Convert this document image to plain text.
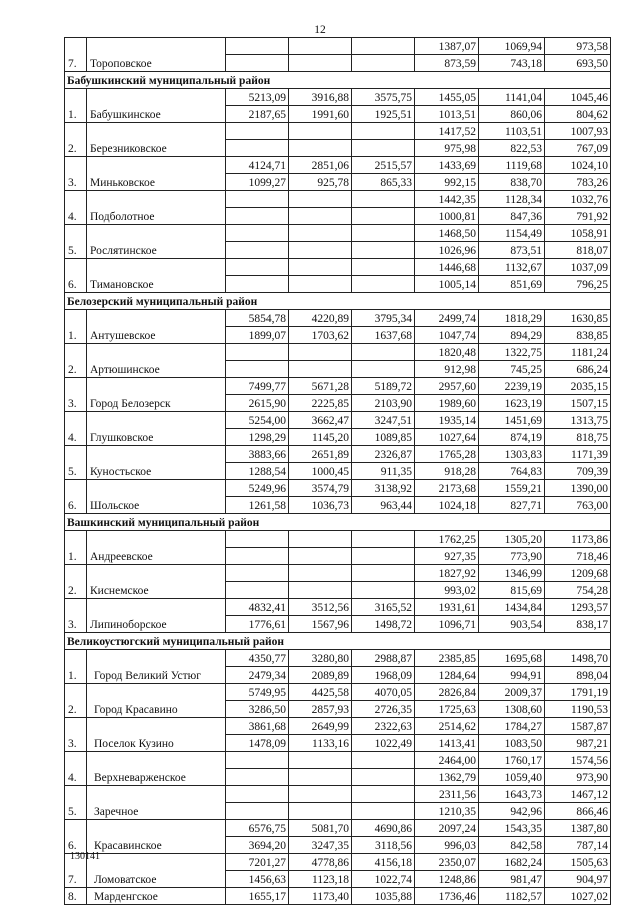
12
7.	Тороповское				1387,07	1069,94	973,58
					873,59	743,18	693,50
Бабушкинский муниципальный район							
1.	Бабушкинское	5213,09	3916,88	3575,75	1455,05	1141,04	1045,46
		2187,65	1991,60	1925,51	1013,51	860,06	804,62
2.	Березниковское				1417,52	1103,51	1007,93
					975,98	822,53	767,09
3.	Миньковское	4124,71	2851,06	2515,57	1433,69	1119,68	1024,10
		1099,27	925,78	865,33	992,15	838,70	783,26
4.	Подболотное				1442,35	1128,34	1032,76
					1000,81	847,36	791,92
5.	Рослятинское				1468,50	1154,49	1058,91
					1026,96	873,51	818,07
6.	Тимановское				1446,68	1132,67	1037,09
					1005,14	851,69	796,25
Белозерский муниципальный район							
1.	Антушевское	5854,78	4220,89	3795,34	2499,74	1818,29	1630,85
		1899,07	1703,62	1637,68	1047,74	894,29	838,85
2.	Артюшинское				1820,48	1322,75	1181,24
					912,98	745,25	686,24
3.	Город Белозерск	7499,77	5671,28	5189,72	2957,60	2239,19	2035,15
		2615,90	2225,85	2103,90	1989,60	1623,19	1507,15
4.	Глушковское	5254,00	3662,47	3247,51	1935,14	1451,69	1313,75
		1298,29	1145,20	1089,85	1027,64	874,19	818,75
5.	Куностьское	3883,66	2651,89	2326,87	1765,28	1303,83	1171,39
		1288,54	1000,45	911,35	918,28	764,83	709,39
6.	Шольское	5249,96	3574,79	3138,92	2173,68	1559,21	1390,00
		1261,58	1036,73	963,44	1024,18	827,71	763,00
Вашкинский муниципальный район							
1.	Андреевское				1762,25	1305,20	1173,86
					927,35	773,90	718,46
2.	Киснемское				1827,92	1346,99	1209,68
					993,02	815,69	754,28
3.	Липиноборское	4832,41	3512,56	3165,52	1931,61	1434,84	1293,57
		1776,61	1567,96	1498,72	1096,71	903,54	838,17
Великоустюгский муниципальный район							
1.	Город Великий Устюг	4350,77	3280,80	2988,87	2385,85	1695,68	1498,70
		2479,34	2089,89	1968,09	1284,64	994,91	898,04
2.	Город Красавино	5749,95	4425,58	4070,05	2826,84	2009,37	1791,19
		3286,50	2857,93	2726,35	1725,63	1308,60	1190,53
3.	Поселок Кузино	3861,68	2649,99	2322,63	2514,62	1784,27	1587,87
		1478,09	1133,16	1022,49	1413,41	1083,50	987,21
4.	Верхневарженское				2464,00	1760,17	1574,56
					1362,79	1059,40	973,90
5.	Заречное				2311,56	1643,73	1467,12
					1210,35	942,96	866,46
6.	Красавинское	6576,75	5081,70	4690,86	2097,24	1543,35	1387,80
		3694,20	3247,35	3118,56	996,03	842,58	787,14
7.	Ломоватское	7201,27	4778,86	4156,18	2350,07	1682,24	1505,63
		1456,63	1123,18	1022,74	1248,86	981,47	904,97
8.	Марденгское	1655,17	1173,40	1035,88	1736,46	1182,57	1027,02
130141
